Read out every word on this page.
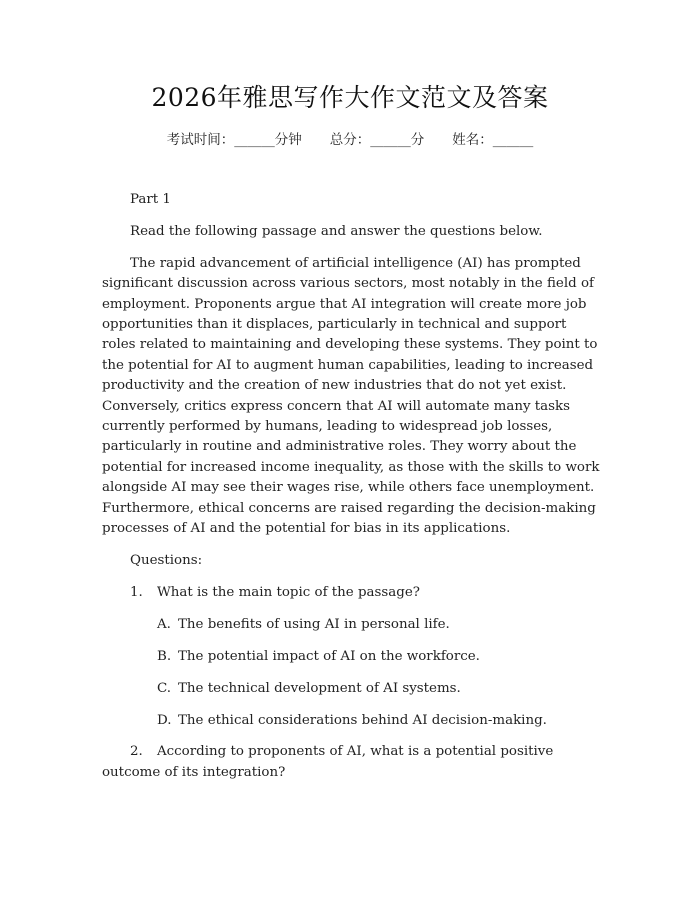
2026年雅思写作大作文范文及答案
考试时间：______分钟 总分：______分 姓名：______

Part 1

Read the following passage and answer the questions below.

The rapid advancement of artificial intelligence (AI) has prompted significant discussion across various sectors, most notably in the field of employment. Proponents argue that AI integration will create more job opportunities than it displaces, particularly in technical and support roles related to maintaining and developing these systems. They point to the potential for AI to augment human capabilities, leading to increased productivity and the creation of new industries that do not yet exist. Conversely, critics express concern that AI will automate many tasks currently performed by humans, leading to widespread job losses, particularly in routine and administrative roles. They worry about the potential for increased income inequality, as those with the skills to work alongside AI may see their wages rise, while others face unemployment. Furthermore, ethical concerns are raised regarding the decision-making processes of AI and the potential for bias in its applications.

Questions:

1. What is the main topic of the passage?

A. The benefits of using AI in personal life.

B. The potential impact of AI on the workforce.

C. The technical development of AI systems.

D. The ethical considerations behind AI decision-making.

2. According to proponents of AI, what is a potential positive outcome of its integration?
